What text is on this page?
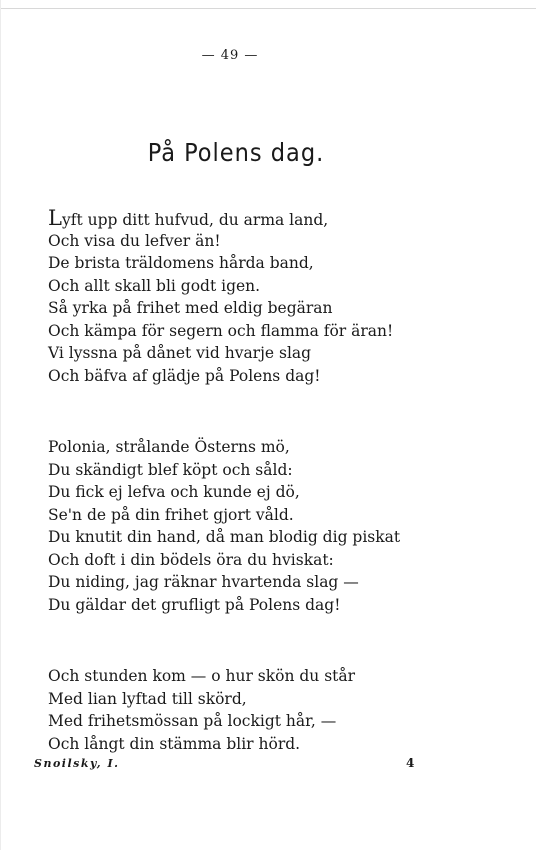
— 49 —
På Polens dag.
Lyft upp ditt hufvud, du arma land,
Och visa du lefver än!
De brista träldomens hårda band,
Och allt skall bli godt igen.
Så yrka på frihet med eldig begäran
Och kämpa för segern och flamma för äran!
Vi lyssna på dånet vid hvarje slag
Och bäfva af glädje på Polens dag!
Polonia, strålande Österns mö,
Du skändigt blef köpt och såld:
Du fick ej lefva och kunde ej dö,
Se'n de på din frihet gjort våld.
Du knutit din hand, då man blodig dig piskat
Och doft i din bödels öra du hviskat:
Du niding, jag räknar hvartenda slag —
Du gäldar det grufligt på Polens dag!
Och stunden kom — o hur skön du står
Med lian lyftad till skörd,
Med frihetsmössan på lockigt hår, —
Och långt din stämma blir hörd.
Snoilsky, I.	4
